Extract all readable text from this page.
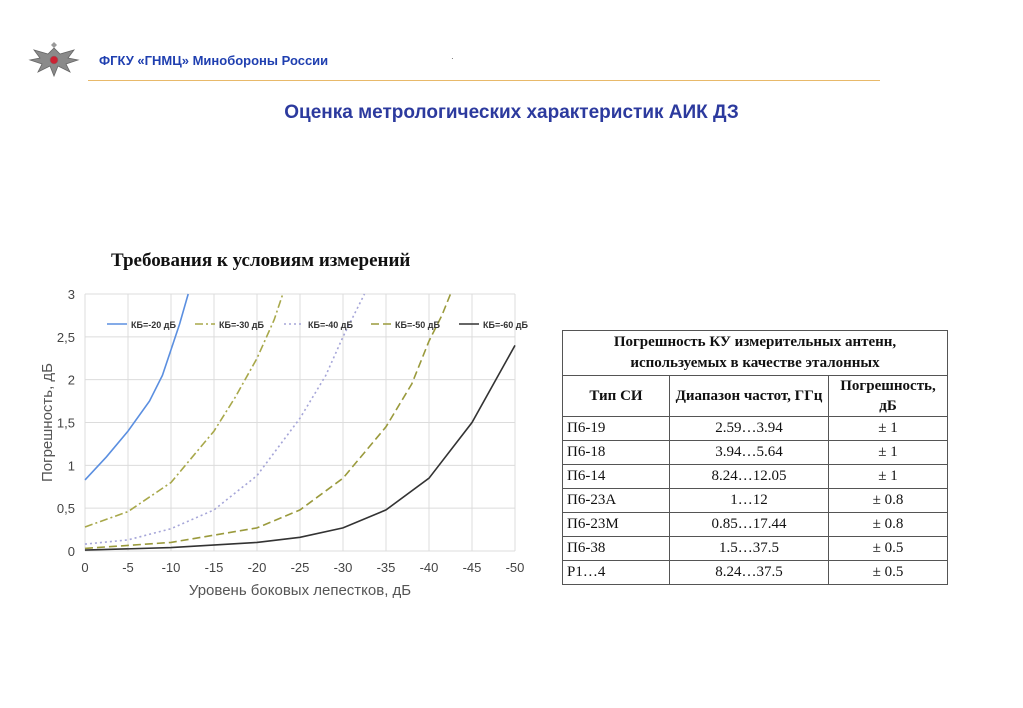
ФГКУ «ГНМЦ» Минобороны России	·
Оценка метрологических характеристик АИК ДЗ
Требования к условиям измерений
0	-5 -10 -15 -20 -25 -30 -35 -40 -45 -50
0
0,5
1
1,5
2
2,5
3
Уровень боковых лепестков, дБ
Погрешность, дБ
КБ=-20 дБ	КБ=-30 дБ	КБ=-40 дБ	КБ=-50 дБ	КБ=-60 дБ
Погрешность КУ измерительных антенн, используемых в качестве эталонных		
Тип СИ	Диапазон частот, ГГц	Погрешность, дБ
П6-19	2.59…3.94	± 1
П6-18	3.94…5.64	± 1
П6-14	8.24…12.05	± 1
П6-23А	1…12	± 0.8
П6-23М	0.85…17.44	± 0.8
П6-38	1.5…37.5	± 0.5
Р1…4	8.24…37.5	± 0.5
